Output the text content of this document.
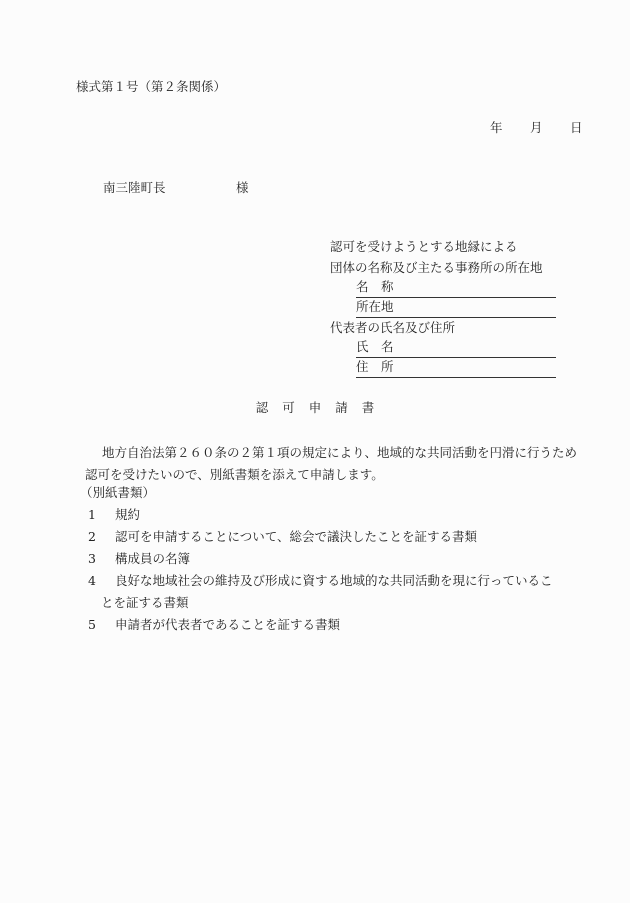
様式第１号（第２条関係）
年 月 日
南三陸町長	様
認可を受けようとする地縁による
団体の名称及び主たる事務所の所在地
名　称
所在地
代表者の氏名及び住所
氏　名
住　所
認可申請書
地方自治法第２６０条の２第１項の規定により、地域的な共同活動を円滑に行うため認可を受けたいので、別紙書類を添えて申請します。
（別紙書類）
1 規約
2 認可を申請することについて、総会で議決したことを証する書類
3 構成員の名簿
4 良好な地域社会の維持及び形成に資する地域的な共同活動を現に行っているこ
とを証する書類
5 申請者が代表者であることを証する書類
